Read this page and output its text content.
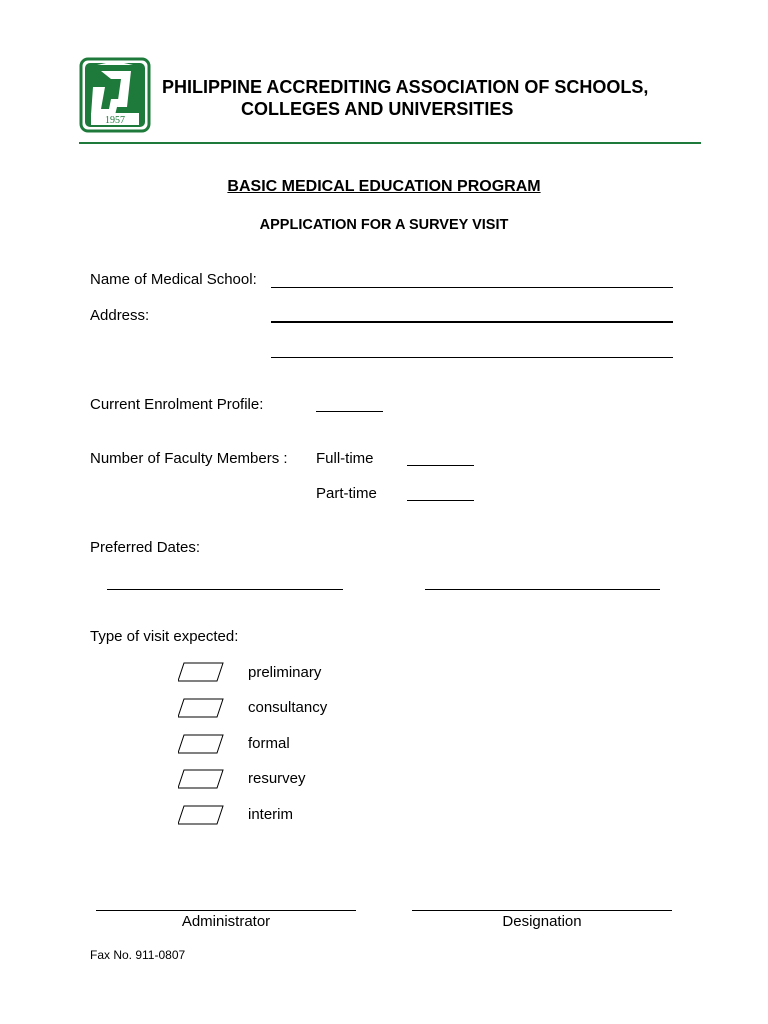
1957
PHILIPPINE ACCREDITING ASSOCIATION OF SCHOOLS,
COLLEGES AND UNIVERSITIES
BASIC MEDICAL EDUCATION PROGRAM
APPLICATION FOR A SURVEY VISIT
Name of Medical School:
Address:
Current Enrolment Profile:
Number of Faculty Members : Full-time
Part-time
Preferred Dates:
Type of visit expected:
preliminary
consultancy
formal
resurvey
interim
Administrator	Designation
Fax No. 911-0807
